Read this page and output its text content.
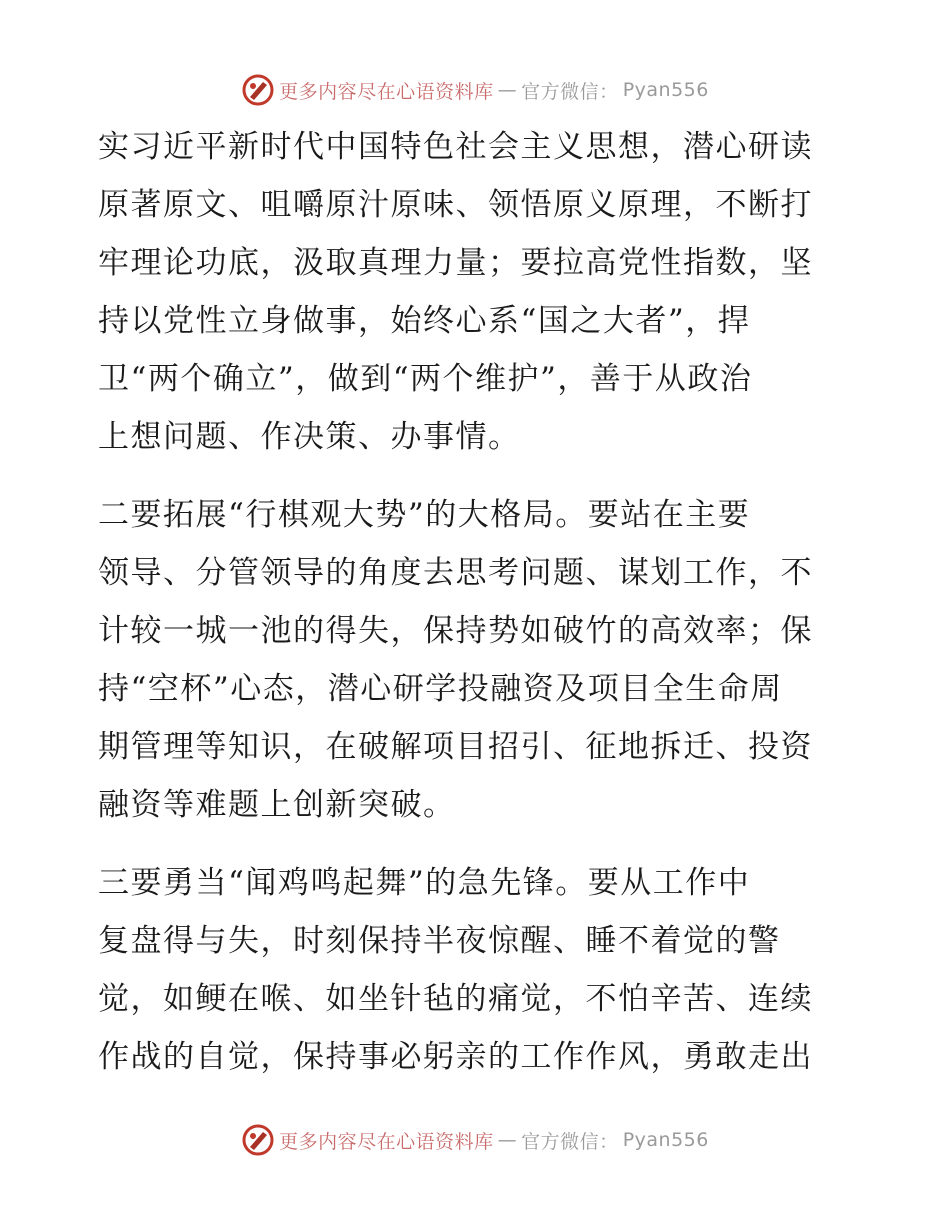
更多内容尽在心语资料库 — 官方微信： Pyan556

实习近平新时代中国特色社会主义思想，潜心研读
原著原文、咀嚼原汁原味、领悟原义原理，不断打
牢理论功底，汲取真理力量；要拉高党性指数，坚
持以党性立身做事，始终心系“国之大者”，捍
卫“两个确立”，做到“两个维护”，善于从政治
上想问题、作决策、办事情。

二要拓展“行棋观大势”的大格局。要站在主要
领导、分管领导的角度去思考问题、谋划工作，不
计较一城一池的得失，保持势如破竹的高效率；保
持“空杯”心态，潜心研学投融资及项目全生命周
期管理等知识，在破解项目招引、征地拆迁、投资
融资等难题上创新突破。

三要勇当“闻鸡鸣起舞”的急先锋。要从工作中
复盘得与失，时刻保持半夜惊醒、睡不着觉的警
觉，如鲠在喉、如坐针毡的痛觉，不怕辛苦、连续
作战的自觉，保持事必躬亲的工作作风，勇敢走出

更多内容尽在心语资料库 — 官方微信： Pyan556
